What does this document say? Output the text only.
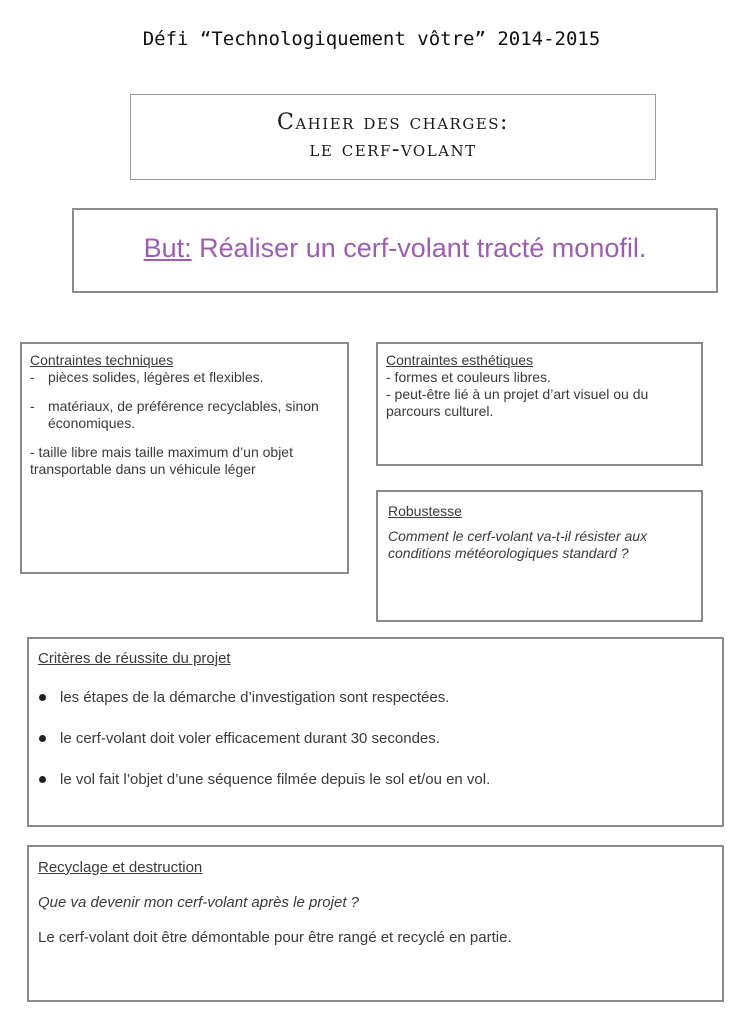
Défi “Technologiquement vôtre” 2014-2015
Cahier des charges:
le cerf-volant
But: Réaliser un cerf-volant tracté monofil.
Contraintes techniques
- pièces solides, légères et flexibles.
- matériaux, de préférence recyclables, sinon économiques.
- taille libre mais taille maximum d’un objet transportable dans un véhicule léger
Contraintes esthétiques
- formes et couleurs libres.
- peut-être lié à un projet d’art visuel ou du parcours culturel.
Robustesse
Comment le cerf-volant va-t-il résister aux conditions météorologiques standard ?
Critères de réussite du projet
les étapes de la démarche d’investigation sont respectées.
le cerf-volant doit voler efficacement durant 30 secondes.
le vol fait l’objet d’une séquence filmée depuis le sol et/ou en vol.
Recyclage et destruction
Que va devenir mon cerf-volant après le projet ?
Le cerf-volant doit être démontable pour être rangé et recyclé en partie.
